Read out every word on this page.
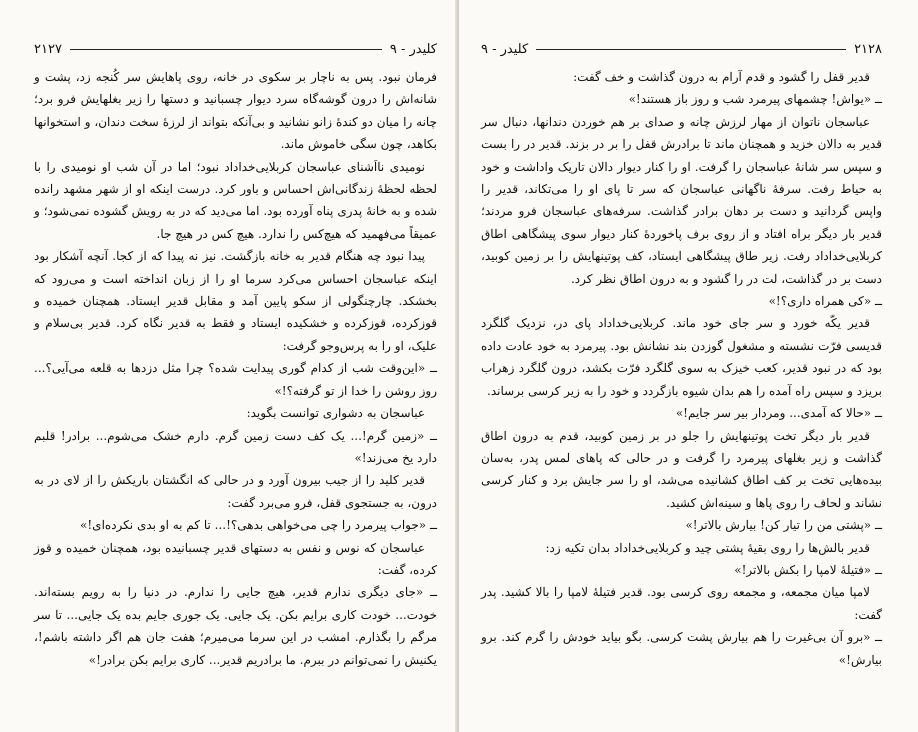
۲۱۲۷	کلیدر - ۹

فرمان نبود. پس به ناچار بر سکوی در خانه، روی پاهایش سر کُنجه زد، پشت و شانه‌اش را درون گوشه‌گاه سرد دیوار چسبانید و دستها را زیر بغلهایش فرو برد؛ چانه را میان دو کندهٔ زانو نشانید و بی‌آنکه بتواند از لرزهٔ سخت دندان، و استخوانها بکاهد، چون سگی خاموش ماند.

نومیدی نااَشنای عباسجان کربلایی‌خداداد نبود؛ اما در آن شب او نومیدی را با لحظه لحظهٔ زندگانی‌اش احساس و باور کرد. درست اینکه او از شهر مشهد رانده شده و به خانهٔ پدری پناه آورده بود. اما می‌دید که در به رویش گشوده نمی‌شود؛ و عمیقاً می‌فهمید که هیچ‌کس را ندارد. هیچ کس در هیچ جا.

پیدا نبود چه هنگام قدیر به خانه بازگشت. نیز نه پیدا که از کجا. آنچه آشکار بود اینکه عباسجان احساس می‌کرد سرما او را از زبان انداخته است و می‌رود که بخشکد. چارچنگولی از سکو پایین آمد و مقابل قدیر ایستاد. همچنان خمیده و قوزکرده، قوزکرده و خشکیده ایستاد و فقط به قدیر نگاه کرد. قدیر بی‌سلام و علیک، او را به پرس‌وجو گرفت:

ــ «این‌وقت شب از کدام گوری پیدایت شده؟ چرا مثل دزدها به قلعه می‌آیی؟... روز روشن را خدا از تو گرفته؟!»

عباسجان به دشواری توانست بگوید:

ــ «زمین گرم!... یک کف دست زمین گرم. دارم خشک می‌شوم... برادر! قلبم دارد یخ می‌زند!»

قدیر کلید را از جیب بیرون آورد و در حالی که انگشتان باریکش را از لای در به درون، به جستجوی قفل، فرو می‌برد گفت:

ــ «جواب پیرمرد را چی می‌خواهی بدهی؟!... تا کم به او بدی نکرده‌ای!»

عباسجان که نوس و نفس به دستهای قدیر چسبانیده بود، همچنان خمیده و قوز کرده، گفت:

ــ «جای دیگری ندارم قدیر، هیچ جایی را ندارم. در دنیا را به رویم بسته‌اند. خودت... خودت کاری برایم بکن. یک جایی. یک جوری جایم بده یک جایی... تا سر مرگم را بگذارم. امشب در این سرما می‌میرم؛ هفت جان هم اگر داشته باشم!، یکنیش را نمی‌توانم در ببرم. ما برادریم قدیر... کاری برایم بکن برادر!»

کلیدر - ۹	۲۱۲۸

قدیر قفل را گشود و قدم آرام به درون گذاشت و خف گفت:

ــ «یواش! چشمهای پیرمرد شب و روز باز هستند!»

عباسجان ناتوان از مهار لرزش چانه و صدای بر هم خوردن دندانها، دنبال سر قدیر به دالان خزید و همچنان ماند تا برادرش قفل را بر در بزند. قدیر در را بست و سپس سر شانهٔ عباسجان را گرفت. او را کنار دیوار دالان تاریک واداشت و خود به حیاط رفت. سرفهٔ ناگهانی عباسجان که سر تا پای او را می‌تکاند، قدیر را واپس گردانید و دست بر دهان برادر گذاشت. سرفه‌های عباسجان فرو مردند؛ قدیر بار دیگر براه افتاد و از روی برف پاخوردهٔ کنار دیوار سوی پیشگاهی اطاق کربلایی‌خداداد رفت. زیر طاق پیشگاهی ایستاد، کف پوتینهایش را بر زمین کوبید، دست بر در گذاشت، لت در را گشود و به درون اطاق نظر کرد.

ــ «کی همراه داری؟!»

قدیر یکّه خورد و سر جای خود ماند. کربلایی‌خداداد پای در، نزدیک گلگرد قدیسی فرّت نشسته و مشغول گوزدن بند نشانش بود. پیرمرد به خود عادت داده بود که در نبود قدیر، کعب خیزک به سوی گلگرد فرّت بکشد، درون گلگرد زهراب بریزد و سپس راه آمده را هم بدان شیوه بازگردد و خود را به زیر کرسی برساند.

ــ «حالا که آمدی... ومردار بیر سر جایم!»

قدیر بار دیگر تخت پوتینهایش را جلو در بر زمین کوبید، قدم به درون اطاق گذاشت و زیر بغلهای پیرمرد را گرفت و در حالی که پاهای لمس پدر، به‌سان بیده‌هایی تخت بر کف اطاق کشانیده می‌شد، او را سر جایش برد و کنار کرسی نشاند و لحاف را روی پاها و سینه‌اش کشید.

ــ «پشتی من را تیار کن! بیارش بالاتر!»

قدیر بالش‌ها را روی بقیهٔ پشتی چید و کربلایی‌خداداد بدان تکیه زد:

ــ «فتیلهٔ لامپا را بکش بالاتر!»

لامپا میان مجمعه، و مجمعه روی کرسی بود. قدیر فتیلهٔ لامپا را بالا کشید. پدر گفت:

ــ «برو آن بی‌غیرت را هم بیارش پشت کرسی. بگو بیاید خودش را گرم کند. برو بیارش!»
